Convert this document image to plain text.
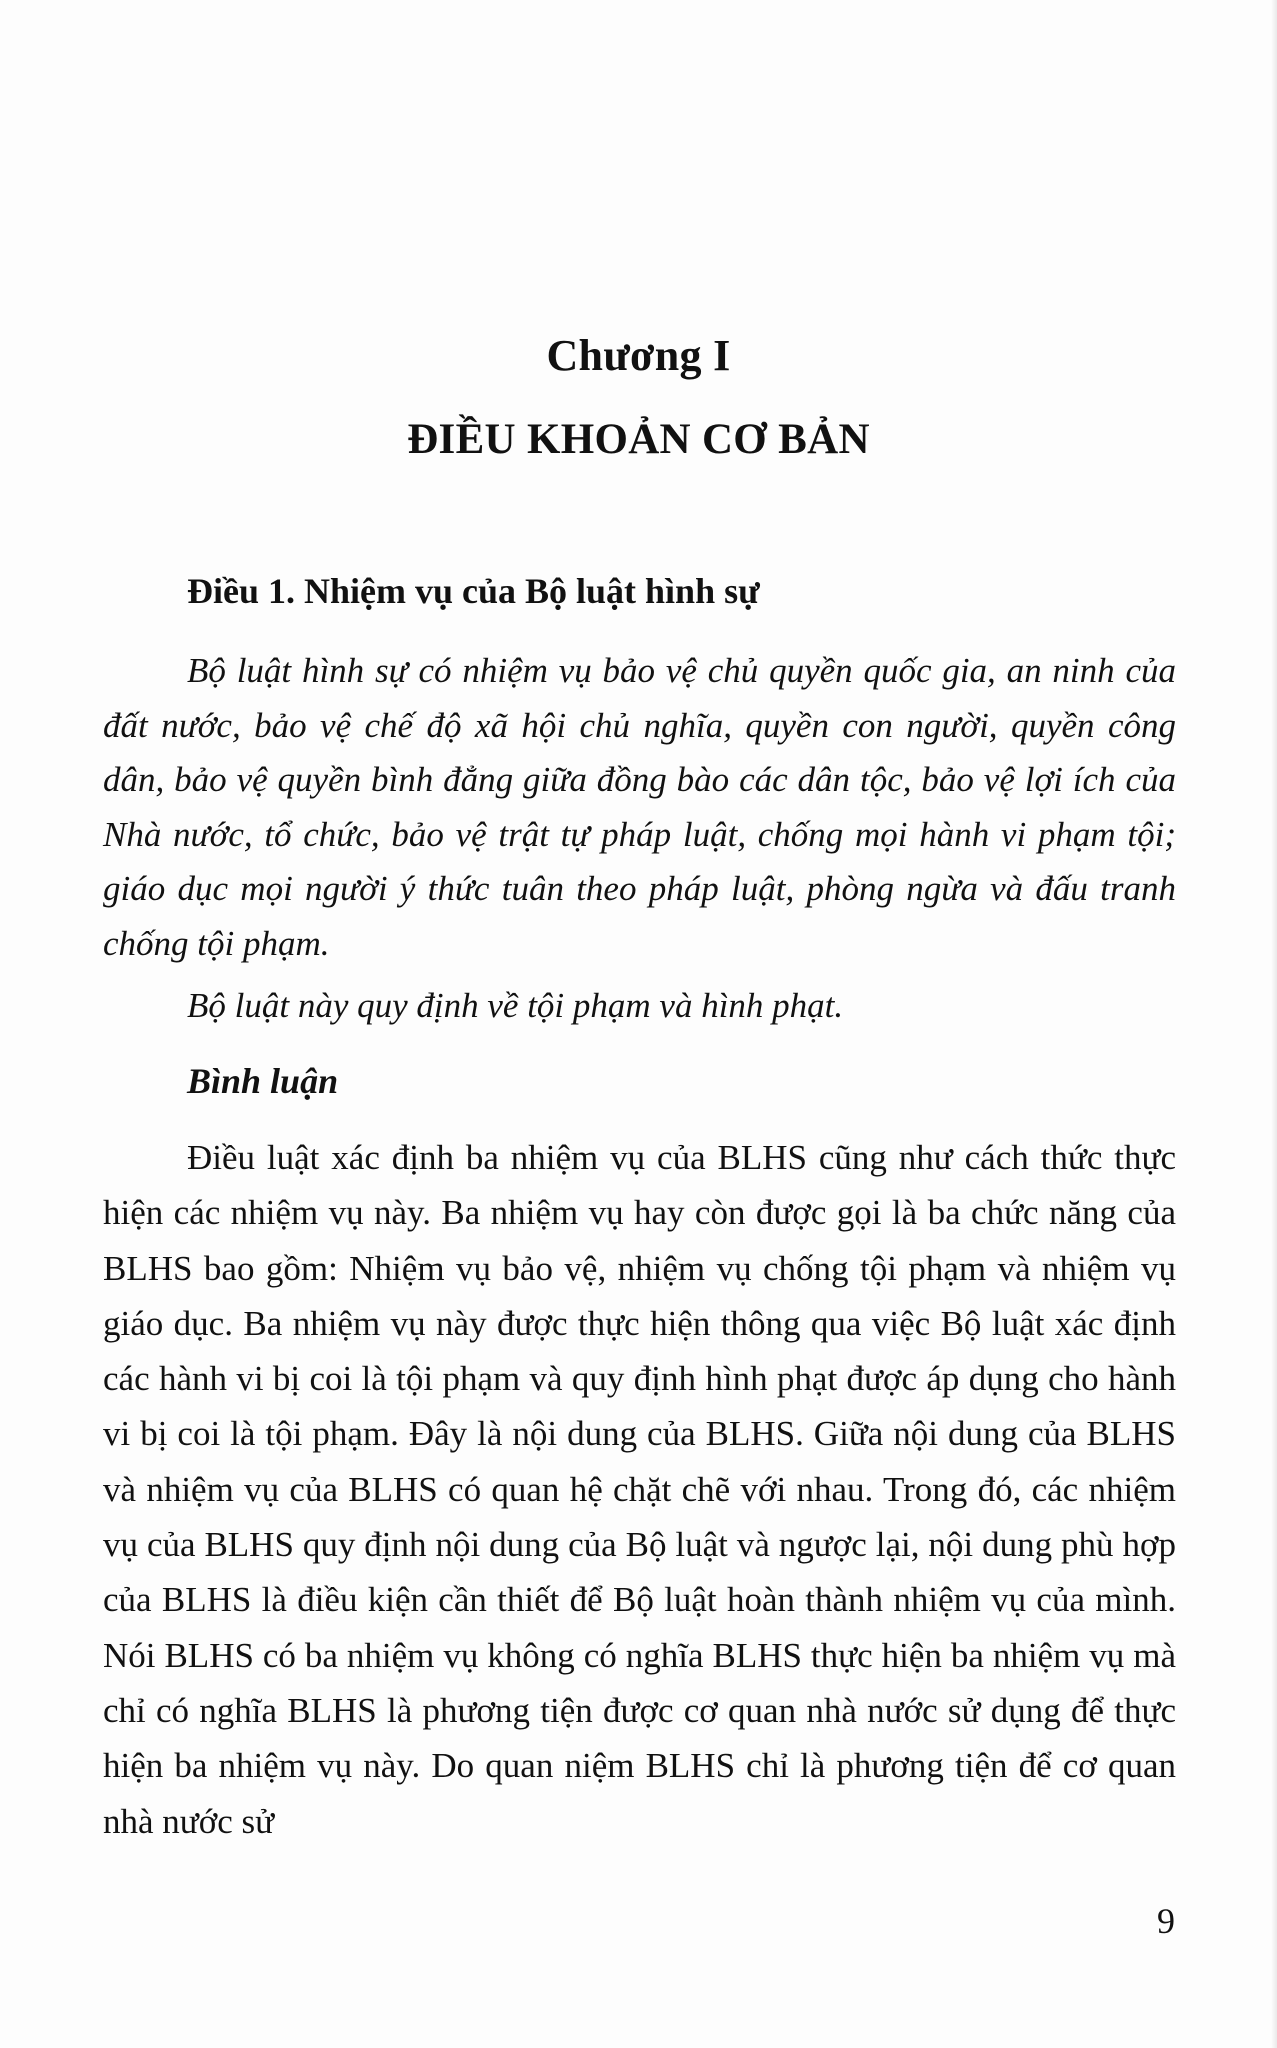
Chương I
ĐIỀU KHOẢN CƠ BẢN
Điều 1. Nhiệm vụ của Bộ luật hình sự

Bộ luật hình sự có nhiệm vụ bảo vệ chủ quyền quốc gia, an ninh của đất nước, bảo vệ chế độ xã hội chủ nghĩa, quyền con người, quyền công dân, bảo vệ quyền bình đẳng giữa đồng bào các dân tộc, bảo vệ lợi ích của Nhà nước, tổ chức, bảo vệ trật tự pháp luật, chống mọi hành vi phạm tội; giáo dục mọi người ý thức tuân theo pháp luật, phòng ngừa và đấu tranh chống tội phạm.

Bộ luật này quy định về tội phạm và hình phạt.

Bình luận

Điều luật xác định ba nhiệm vụ của BLHS cũng như cách thức thực hiện các nhiệm vụ này. Ba nhiệm vụ hay còn được gọi là ba chức năng của BLHS bao gồm: Nhiệm vụ bảo vệ, nhiệm vụ chống tội phạm và nhiệm vụ giáo dục. Ba nhiệm vụ này được thực hiện thông qua việc Bộ luật xác định các hành vi bị coi là tội phạm và quy định hình phạt được áp dụng cho hành vi bị coi là tội phạm. Đây là nội dung của BLHS. Giữa nội dung của BLHS và nhiệm vụ của BLHS có quan hệ chặt chẽ với nhau. Trong đó, các nhiệm vụ của BLHS quy định nội dung của Bộ luật và ngược lại, nội dung phù hợp của BLHS là điều kiện cần thiết để Bộ luật hoàn thành nhiệm vụ của mình. Nói BLHS có ba nhiệm vụ không có nghĩa BLHS thực hiện ba nhiệm vụ mà chỉ có nghĩa BLHS là phương tiện được cơ quan nhà nước sử dụng để thực hiện ba nhiệm vụ này. Do quan niệm BLHS chỉ là phương tiện để cơ quan nhà nước sử

9
